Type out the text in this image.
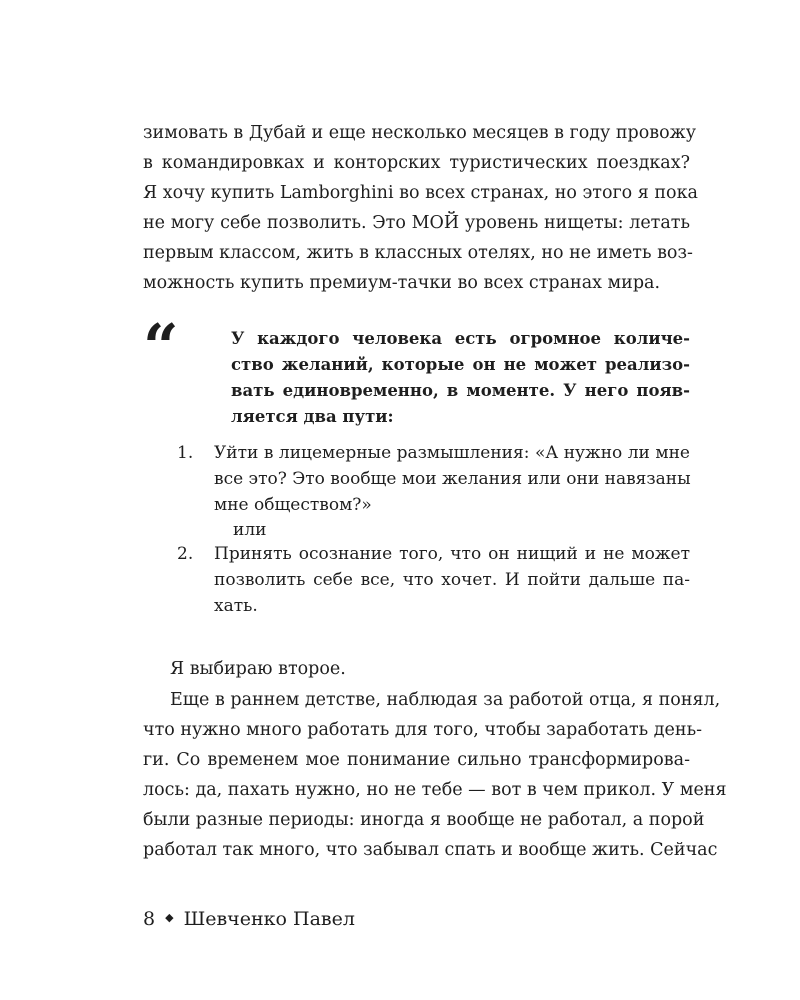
зимовать в Дубай и еще несколько месяцев в году провожу
в командировках и конторских туристических поездках?
Я хочу купить Lamborghini во всех странах, но этого я пока
не могу себе позволить. Это МОЙ уровень нищеты: летать
первым классом, жить в классных отелях, но не иметь воз-
можность купить премиум-тачки во всех странах мира.
“	У каждого человека есть огромное количе-
ство желаний, которые он не может реализо-
вать единовременно, в моменте. У него появ-
ляется два пути:
1. Уйти в лицемерные размышления: «А нужно ли мне
все это? Это вообще мои желания или они навязаны
мне обществом?»
или
2. Принять осознание того, что он нищий и не может
позволить себе все, что хочет. И пойти дальше па-
хать.
Я выбираю второе.
Еще в раннем детстве, наблюдая за работой отца, я понял,
что нужно много работать для того, чтобы заработать день-
ги. Со временем мое понимание сильно трансформирова-
лось: да, пахать нужно, но не тебе — вот в чем прикол. У меня
были разные периоды: иногда я вообще не работал, а порой
работал так много, что забывал спать и вообще жить. Сейчас
8 ◆ Шевченко Павел
